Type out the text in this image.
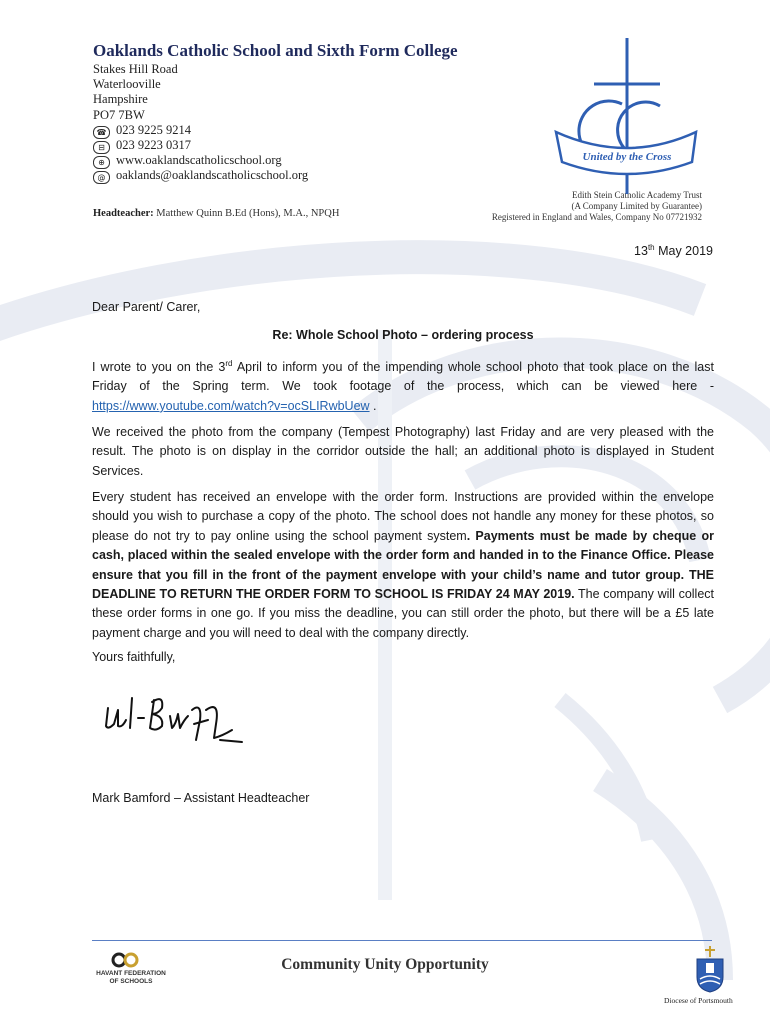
Oaklands Catholic School and Sixth Form College
Stakes Hill Road
Waterlooville
Hampshire
PO7 7BW
☎ 023 9225 9214
⊟ 023 9223 0317
⊕ www.oaklandscatholicschool.org
@ oaklands@oaklandscatholicschool.org
Headteacher: Matthew Quinn B.Ed (Hons), M.A., NPQH
Edith Stein Catholic Academy Trust
(A Company Limited by Guarantee)
Registered in England and Wales, Company No 07721932
United by the Cross
13th May 2019
Dear Parent/ Carer,
Re: Whole School Photo – ordering process
I wrote to you on the 3rd April to inform you of the impending whole school photo that took place on the last Friday of the Spring term. We took footage of the process, which can be viewed here - https://www.youtube.com/watch?v=ocSLIRwbUew .
We received the photo from the company (Tempest Photography) last Friday and are very pleased with the result. The photo is on display in the corridor outside the hall; an additional photo is displayed in Student Services.
Every student has received an envelope with the order form. Instructions are provided within the envelope should you wish to purchase a copy of the photo. The school does not handle any money for these photos, so please do not try to pay online using the school payment system. Payments must be made by cheque or cash, placed within the sealed envelope with the order form and handed in to the Finance Office. Please ensure that you fill in the front of the payment envelope with your child’s name and tutor group. THE DEADLINE TO RETURN THE ORDER FORM TO SCHOOL IS FRIDAY 24 MAY 2019. The company will collect these order forms in one go. If you miss the deadline, you can still order the photo, but there will be a £5 late payment charge and you will need to deal with the company directly.
Yours faithfully,
Mark Bamford – Assistant Headteacher
HAVANT FEDERATION
OF SCHOOLS
Community Unity Opportunity
Diocese of Portsmouth
